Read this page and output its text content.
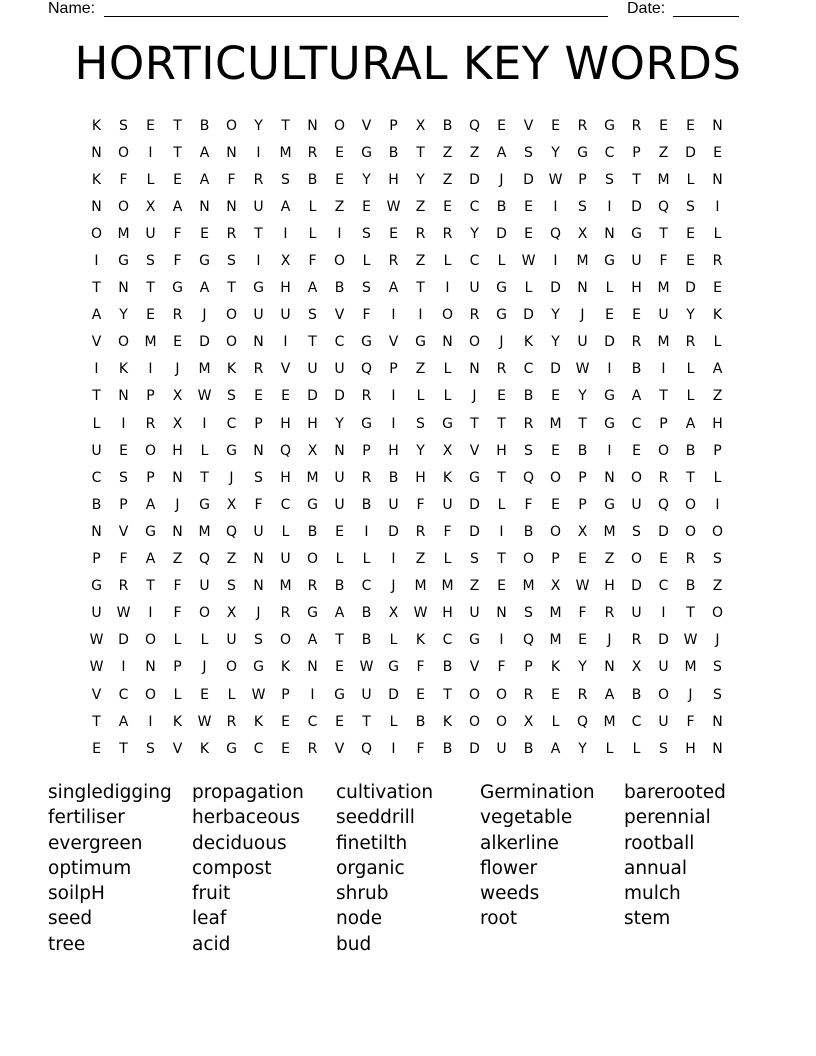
Name:	Date:
HORTICULTURAL KEY WORDS
K	S	E	T	B	O	Y	T	N	O	V	P	X	B	Q	E	V	E	R	G	R	E	E	N
N	O	I	T	A	N	I	M	R	E	G	B	T	Z	Z	A	S	Y	G	C	P	Z	D	E
K	F	L	E	A	F	R	S	B	E	Y	H	Y	Z	D	J	D	W	P	S	T	M	L	N
N	O	X	A	N	N	U	A	L	Z	E	W	Z	E	C	B	E	I	S	I	D	Q	S	I
O	M	U	F	E	R	T	I	L	I	S	E	R	R	Y	D	E	Q	X	N	G	T	E	L
I	G	S	F	G	S	I	X	F	O	L	R	Z	L	C	L	W	I	M	G	U	F	E	R
T	N	T	G	A	T	G	H	A	B	S	A	T	I	U	G	L	D	N	L	H	M	D	E
A	Y	E	R	J	O	U	U	S	V	F	I	I	O	R	G	D	Y	J	E	E	U	Y	K
V	O	M	E	D	O	N	I	T	C	G	V	G	N	O	J	K	Y	U	D	R	M	R	L
I	K	I	J	M	K	R	V	U	U	Q	P	Z	L	N	R	C	D	W	I	B	I	L	A
T	N	P	X	W	S	E	E	D	D	R	I	L	L	J	E	B	E	Y	G	A	T	L	Z
L	I	R	X	I	C	P	H	H	Y	G	I	S	G	T	T	R	M	T	G	C	P	A	H
U	E	O	H	L	G	N	Q	X	N	P	H	Y	X	V	H	S	E	B	I	E	O	B	P
C	S	P	N	T	J	S	H	M	U	R	B	H	K	G	T	Q	O	P	N	O	R	T	L
B	P	A	J	G	X	F	C	G	U	B	U	F	U	D	L	F	E	P	G	U	Q	O	I
N	V	G	N	M	Q	U	L	B	E	I	D	R	F	D	I	B	O	X	M	S	D	O	O
P	F	A	Z	Q	Z	N	U	O	L	L	I	Z	L	S	T	O	P	E	Z	O	E	R	S
G	R	T	F	U	S	N	M	R	B	C	J	M	M	Z	E	M	X	W	H	D	C	B	Z
U	W	I	F	O	X	J	R	G	A	B	X	W	H	U	N	S	M	F	R	U	I	T	O
W	D	O	L	L	U	S	O	A	T	B	L	K	C	G	I	Q	M	E	J	R	D	W	J
W	I	N	P	J	O	G	K	N	E	W	G	F	B	V	F	P	K	Y	N	X	U	M	S
V	C	O	L	E	L	W	P	I	G	U	D	E	T	O	O	R	E	R	A	B	O	J	S
T	A	I	K	W	R	K	E	C	E	T	L	B	K	O	O	X	L	Q	M	C	U	F	N
E	T	S	V	K	G	C	E	R	V	Q	I	F	B	D	U	B	A	Y	L	L	S	H	N
singledigging
fertiliser
evergreen
optimum
soilpH
seed
tree
propagation
herbaceous
deciduous
compost
fruit
leaf
acid
cultivation
seeddrill
finetilth
organic
shrub
node
bud
Germination
vegetable
alkerline
flower
weeds
root
barerooted
perennial
rootball
annual
mulch
stem
